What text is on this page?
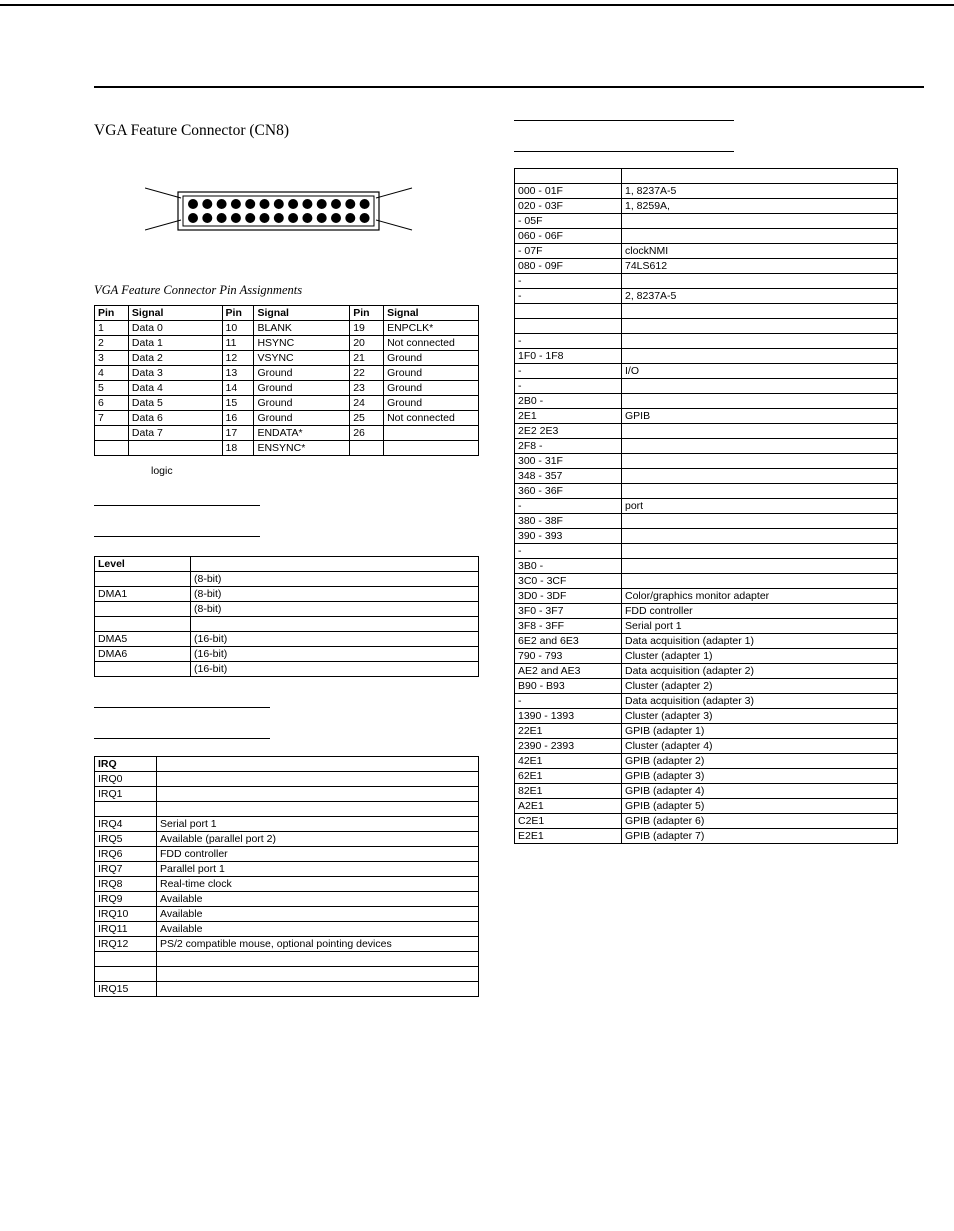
VGA Feature Connector (CN8)
VGA Feature Connector Pin Assignments
Pin	Signal	Pin	Signal	Pin	Signal
1	Data 0	10	BLANK	19	ENPCLK*
2	Data 1	11	HSYNC	20	Not connected
3	Data 2	12	VSYNC	21	Ground
4	Data 3	13	Ground	22	Ground
5	Data 4	14	Ground	23	Ground
6	Data 5	15	Ground	24	Ground
7	Data 6	16	Ground	25	Not connected
	Data 7	17	ENDATA*	26	
		18	ENSYNC*		
logic
Level	
	(8-bit)
DMA1	(8-bit)
	(8-bit)

DMA5	(16-bit)
DMA6	(16-bit)
	(16-bit)
IRQ	
IRQ0	
IRQ1	

IRQ4	Serial port 1
IRQ5	Available (parallel port 2)
IRQ6	FDD controller
IRQ7	Parallel port 1
IRQ8	Real-time clock
IRQ9	Available
IRQ10	Available
IRQ11	Available
IRQ12	PS/2 compatible mouse, optional pointing devices

IRQ15	

000 - 01F	1, 8237A-5
020 - 03F	1, 8259A,
- 05F	
060 - 06F	
- 07F	clockNMI
080 - 09F	74LS612
-	
-	2, 8237A-5

-	
1F0 - 1F8	
-	I/O
-	
2B0 -	
2E1	GPIB
2E2 2E3	
2F8 -	
300 - 31F	
348 - 357	
360 - 36F	
-	port
380 - 38F	
390 - 393	
-	
3B0 -	
3C0 - 3CF	
3D0 - 3DF	Color/graphics monitor adapter
3F0 - 3F7	FDD controller
3F8 - 3FF	Serial port 1
6E2 and 6E3	Data acquisition (adapter 1)
790 - 793	Cluster (adapter 1)
AE2 and AE3	Data acquisition (adapter 2)
B90 - B93	Cluster (adapter 2)
-	Data acquisition (adapter 3)
1390 - 1393	Cluster (adapter 3)
22E1	GPIB (adapter 1)
2390 - 2393	Cluster (adapter 4)
42E1	GPIB (adapter 2)
62E1	GPIB (adapter 3)
82E1	GPIB (adapter 4)
A2E1	GPIB (adapter 5)
C2E1	GPIB (adapter 6)
E2E1	GPIB (adapter 7)
